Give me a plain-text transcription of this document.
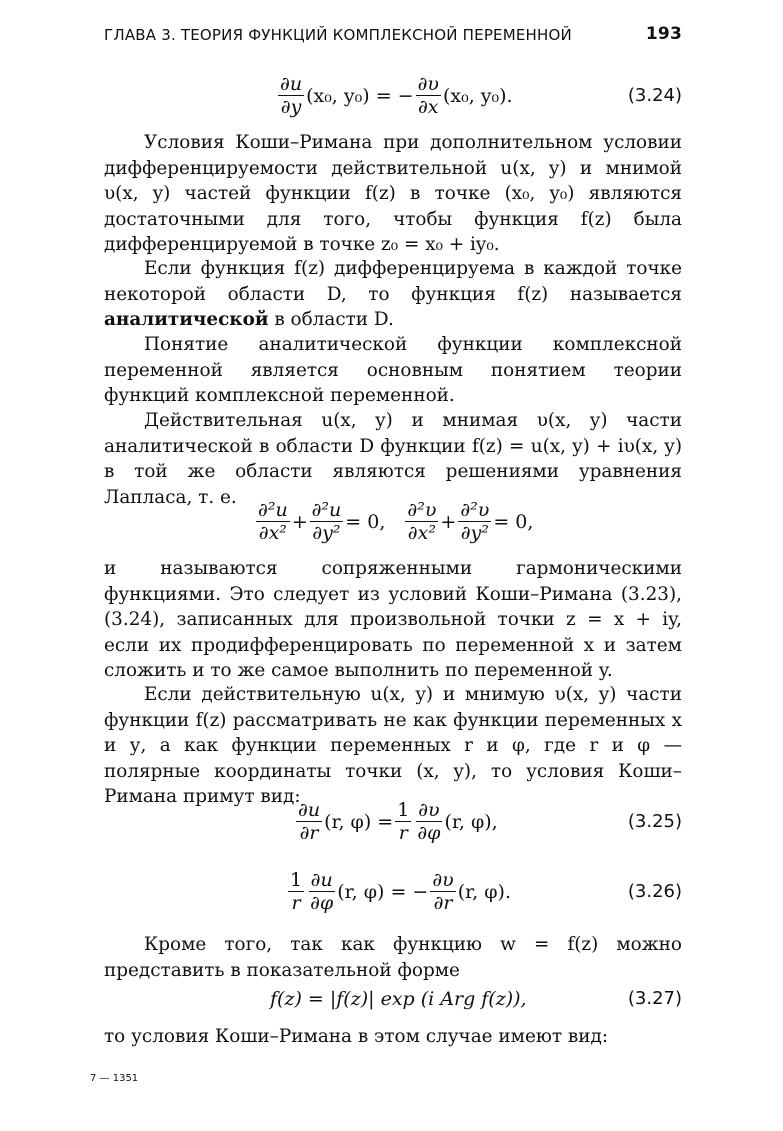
ГЛАВА 3. ТЕОРИЯ ФУНКЦИЙ КОМПЛЕКСНОЙ ПЕРЕМЕННОЙ	193
$\frac{\partial u}{\partial y} (x_0$, y₀) = − $\frac{\partial\upsilon}{\partial x} (x_0$, y₀).	(3.24)
Условия Коши–Римана при дополнительном условии дифференцируемости действительной u(x, y) и мнимой υ(x, y) частей функции f(z) в точке (x₀, y₀) являются достаточными для того, чтобы функция f(z) была дифференцируемой в точке z₀ = x₀ + iy₀.
Если функция f(z) дифференцируема в каждой точке некоторой области D, то функция f(z) называется аналитической в области D.
Понятие аналитической функции комплексной переменной является основным понятием теории функций комплексной переменной.
Действительная u(x, y) и мнимая υ(x, y) части аналитической в области D функции f(z) = u(x, y) + iυ(x, y) в той же области являются решениями уравнения Лапласа, т. е.
$\frac{\text{∂²u}}{\text{∂x²}} + \frac{\text{∂²u}}{\text{∂y²}} = 0$, $\frac{\text{∂²υ}}{\text{∂x²}} + \frac{\text{∂²υ}}{\text{∂y²}} = 0$,
и называются сопряженными гармоническими функциями. Это следует из условий Коши–Римана (3.23), (3.24), записанных для произвольной точки z = x + iy, если их продифференцировать по переменной x и затем сложить и то же самое выполнить по переменной y.
Если действительную u(x, y) и мнимую υ(x, y) части функции f(z) рассматривать не как функции переменных x и у, а как функции переменных r и φ, где r и φ — полярные координаты точки (x, y), то условия Коши–Римана примут вид:
$\frac{\partial u}{\partial r} (r$, $\varphi) = \frac{1}{r} \frac{\partial\upsilon}{\partial\varphi} (r$, φ),	(3.25)
$\frac{1}{r} \frac{\partial u}{\partial\varphi} (r$, φ) = − $\frac{\partial\upsilon}{\partial r} (r$, φ).	(3.26)
Кроме того, так как функцию w = f(z) можно представить в показательной форме
f(z) = |f(z)| exp (i Arg f(z)),	(3.27)
то условия Коши–Римана в этом случае имеют вид:
7 — 1351
